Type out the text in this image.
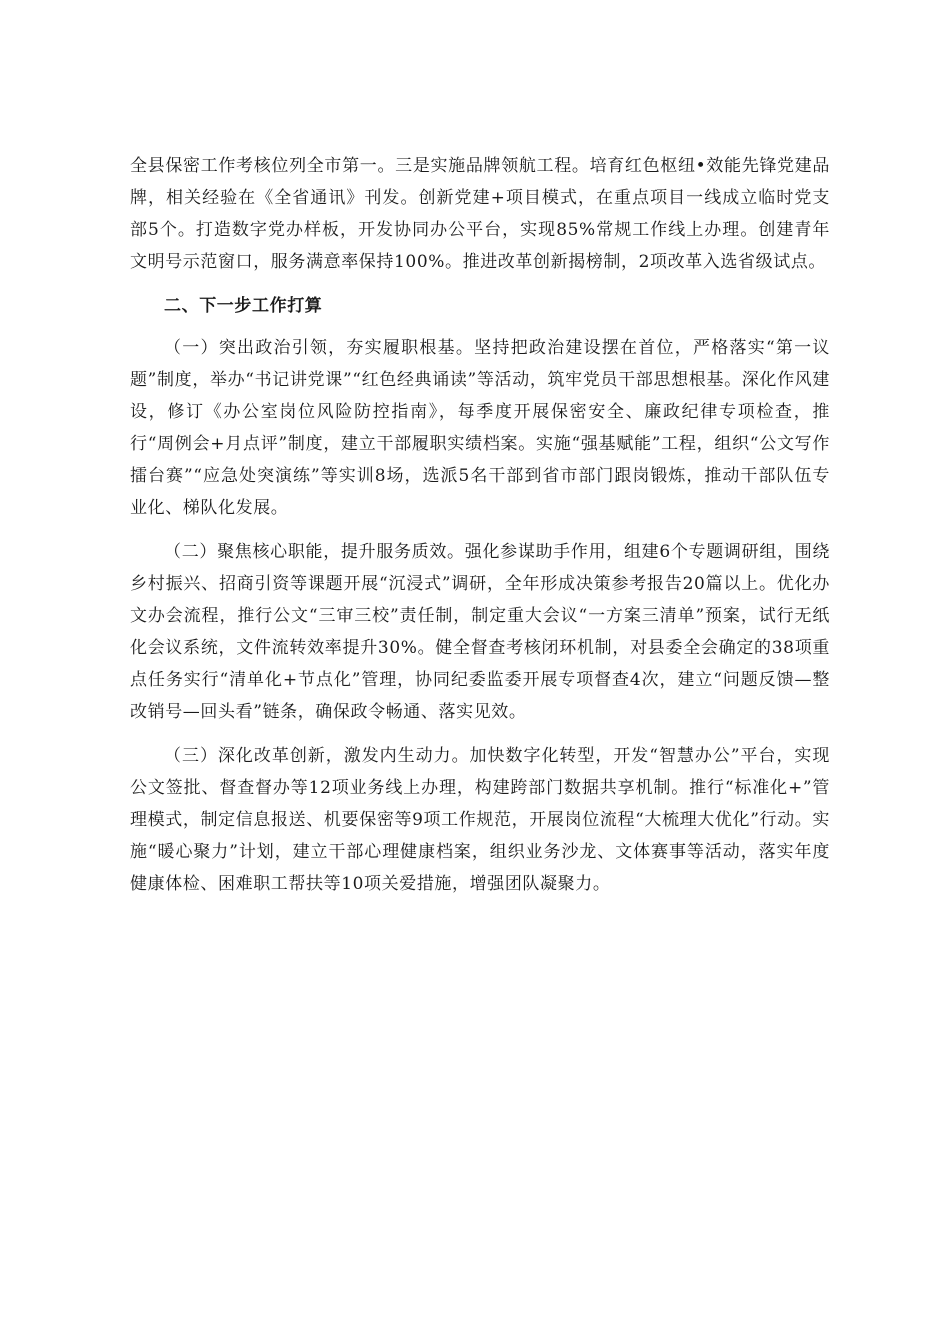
全县保密工作考核位列全市第一。三是实施品牌领航工程。培育红色枢纽•效能先锋党建品牌，相关经验在《全省通讯》刊发。创新党建+项目模式，在重点项目一线成立临时党支部5个。打造数字党办样板，开发协同办公平台，实现85%常规工作线上办理。创建青年文明号示范窗口，服务满意率保持100%。推进改革创新揭榜制，2项改革入选省级试点。

二、下一步工作打算

（一）突出政治引领，夯实履职根基。坚持把政治建设摆在首位，严格落实“第一议题”制度，举办“书记讲党课”“红色经典诵读”等活动，筑牢党员干部思想根基。深化作风建设，修订《办公室岗位风险防控指南》，每季度开展保密安全、廉政纪律专项检查，推行“周例会+月点评”制度，建立干部履职实绩档案。实施“强基赋能”工程，组织“公文写作擂台赛”“应急处突演练”等实训8场，选派5名干部到省市部门跟岗锻炼，推动干部队伍专业化、梯队化发展。

（二）聚焦核心职能，提升服务质效。强化参谋助手作用，组建6个专题调研组，围绕乡村振兴、招商引资等课题开展“沉浸式”调研，全年形成决策参考报告20篇以上。优化办文办会流程，推行公文“三审三校”责任制，制定重大会议“一方案三清单”预案，试行无纸化会议系统，文件流转效率提升30%。健全督查考核闭环机制，对县委全会确定的38项重点任务实行“清单化+节点化”管理，协同纪委监委开展专项督查4次，建立“问题反馈—整改销号—回头看”链条，确保政令畅通、落实见效。

（三）深化改革创新，激发内生动力。加快数字化转型，开发“智慧办公”平台，实现公文签批、督查督办等12项业务线上办理，构建跨部门数据共享机制。推行“标准化+”管理模式，制定信息报送、机要保密等9项工作规范，开展岗位流程“大梳理大优化”行动。实施“暖心聚力”计划，建立干部心理健康档案，组织业务沙龙、文体赛事等活动，落实年度健康体检、困难职工帮扶等10项关爱措施，增强团队凝聚力。
